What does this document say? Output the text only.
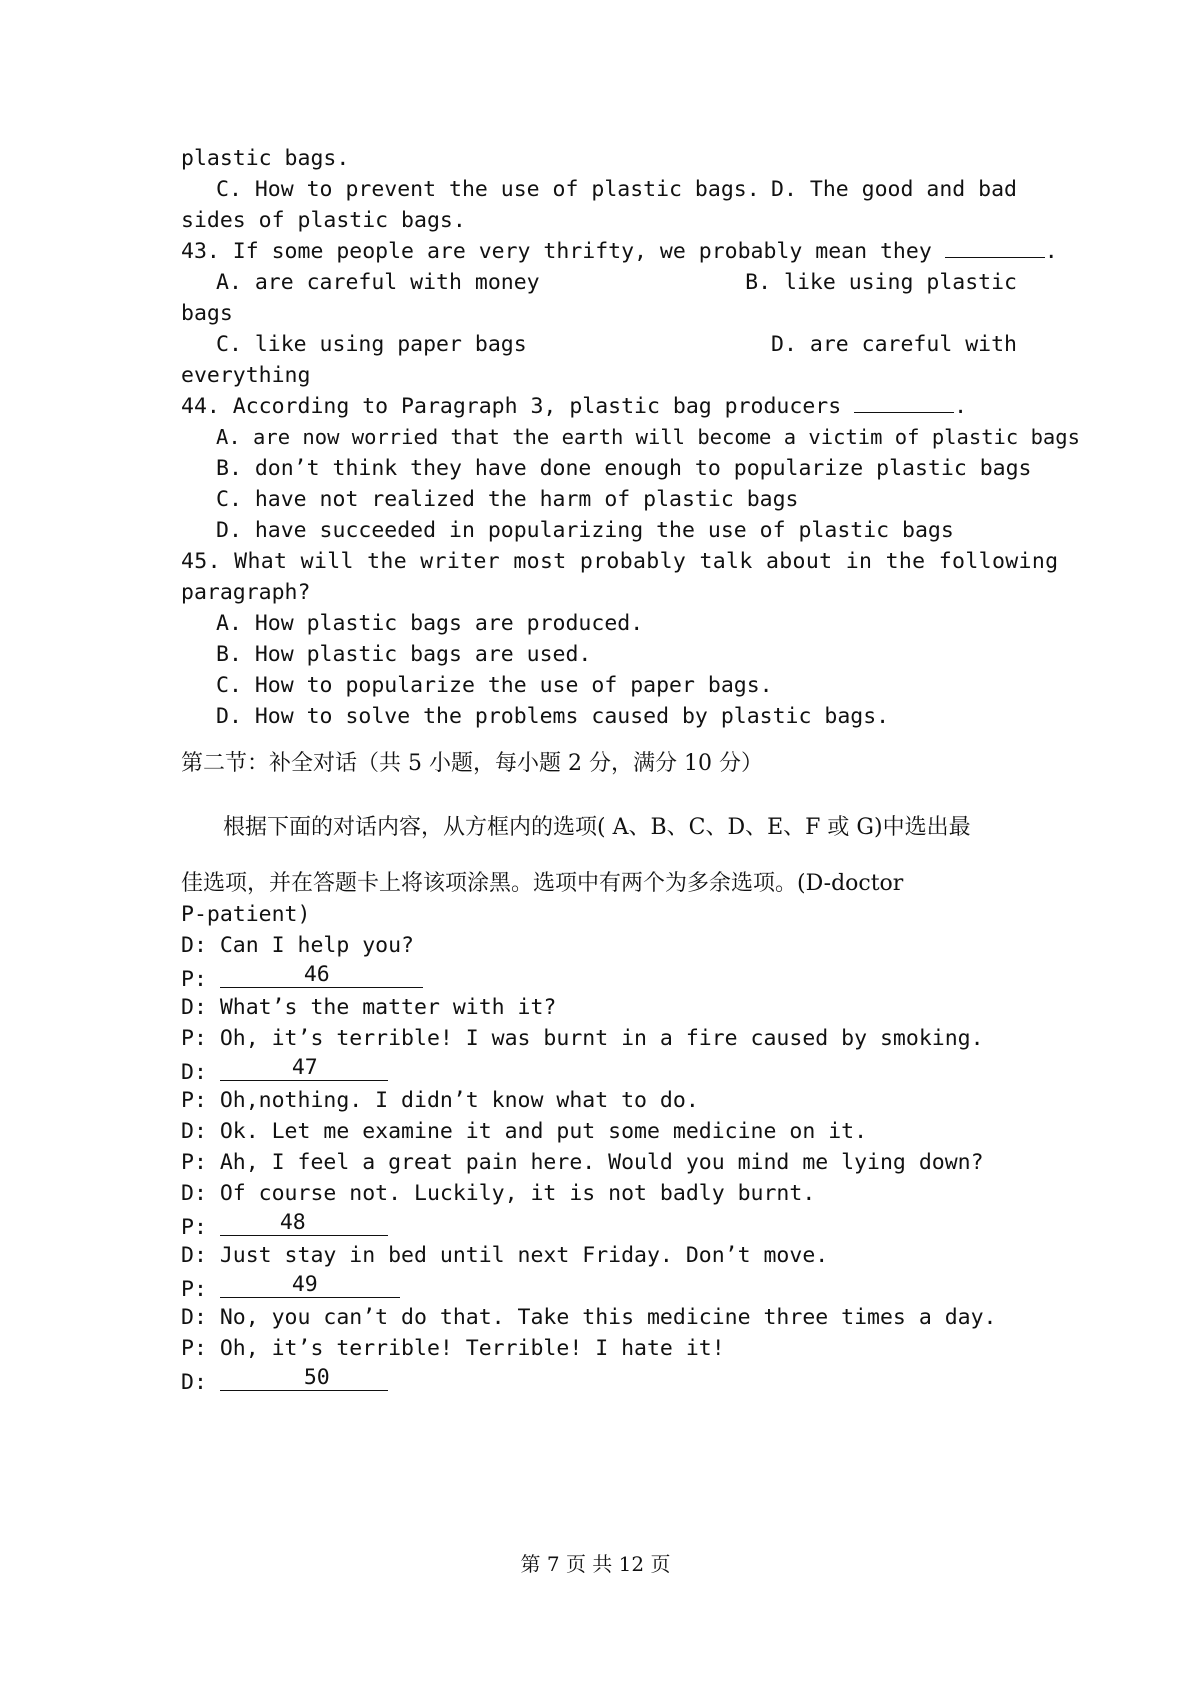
plastic bags.
C. How to prevent the use of plastic bags. D. The good and bad
sides of plastic bags.
43. If some people are very thrifty, we probably mean they	.
A. are careful with money	B. like using plastic
bags
C. like using paper bags	D. are careful with
everything
44. According to Paragraph 3, plastic bag producers	.
A. are now worried that the earth will become a victim of plastic bags
B. don’t think they have done enough to popularize plastic bags
C. have not realized the harm of plastic bags
D. have succeeded in popularizing the use of plastic bags
45. What will the writer most probably talk about in the following
paragraph?
A. How plastic bags are produced.
B. How plastic bags are used.
C. How to popularize the use of paper bags.
D. How to solve the problems caused by plastic bags.
第二节：补全对话（共 5 小题，每小题 2 分，满分 10 分）
根据下面的对话内容，从方框内的选项( A、B、C、D、E、F 或 G)中选出最
佳选项，并在答题卡上将该项涂黑。选项中有两个为多余选项。(D-doctor
P-patient)
D: Can I help you?
P:	46
D: What’s the matter with it?
P: Oh, it’s terrible! I was burnt in a fire caused by smoking.
D:	47
P: Oh,nothing. I didn’t know what to do.
D: Ok. Let me examine it and put some medicine on it.
P: Ah, I feel a great pain here. Would you mind me lying down?
D: Of course not. Luckily, it is not badly burnt.
P:	48
D: Just stay in bed until next Friday. Don’t move.
P:	49
D: No, you can’t do that. Take this medicine three times a day.
P: Oh, it’s terrible! Terrible! I hate it!
D:	50
第 7 页 共 12 页
